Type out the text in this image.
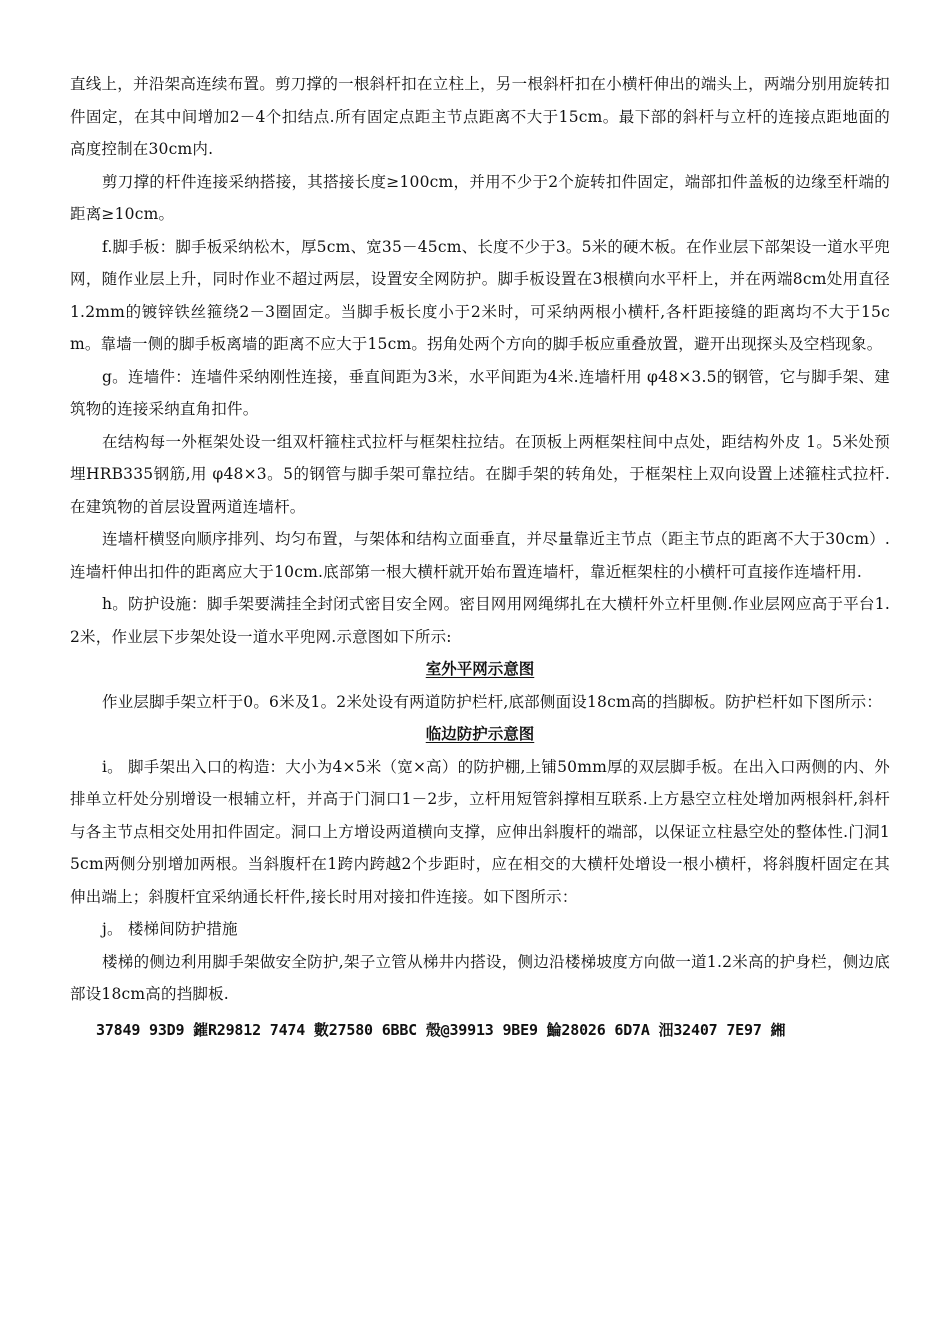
直线上，并沿架高连续布置。剪刀撑的一根斜杆扣在立柱上，另一根斜杆扣在小横杆伸出的端头上，两端分别用旋转扣件固定，在其中间增加2－4个扣结点.所有固定点距主节点距离不大于15cm。最下部的斜杆与立杆的连接点距地面的高度控制在30cm内.

剪刀撑的杆件连接采纳搭接，其搭接长度≥100cm，并用不少于2个旋转扣件固定，端部扣件盖板的边缘至杆端的距离≥10cm。

f.脚手板：脚手板采纳松木，厚5cm、宽35－45cm、长度不少于3。5米的硬木板。在作业层下部架设一道水平兜网，随作业层上升，同时作业不超过两层，设置安全网防护。脚手板设置在3根横向水平杆上，并在两端8cm处用直径1.2mm的镀锌铁丝箍绕2－3圈固定。当脚手板长度小于2米时，可采纳两根小横杆,各杆距接缝的距离均不大于15cm。靠墙一侧的脚手板离墙的距离不应大于15cm。拐角处两个方向的脚手板应重叠放置，避开出现探头及空档现象。

g。连墙件：连墙件采纳刚性连接，垂直间距为3米，水平间距为4米.连墙杆用 φ48×3.5的钢管，它与脚手架、建筑物的连接采纳直角扣件。

在结构每一外框架处设一组双杆箍柱式拉杆与框架柱拉结。在顶板上两框架柱间中点处，距结构外皮 1。5米处预埋HRB335钢筋,用 φ48×3。5的钢管与脚手架可靠拉结。在脚手架的转角处，于框架柱上双向设置上述箍柱式拉杆.在建筑物的首层设置两道连墙杆。

连墙杆横竖向顺序排列、均匀布置，与架体和结构立面垂直，并尽量靠近主节点（距主节点的距离不大于30cm）.连墙杆伸出扣件的距离应大于10cm.底部第一根大横杆就开始布置连墙杆，靠近框架柱的小横杆可直接作连墙杆用.

h。防护设施：脚手架要满挂全封闭式密目安全网。密目网用网绳绑扎在大横杆外立杆里侧.作业层网应高于平台1.2米，作业层下步架处设一道水平兜网.示意图如下所示:

室外平网示意图

作业层脚手架立杆于0。6米及1。2米处设有两道防护栏杆,底部侧面设18cm高的挡脚板。防护栏杆如下图所示：

临边防护示意图

i。 脚手架出入口的构造：大小为4×5米（宽×高）的防护棚,上铺50mm厚的双层脚手板。在出入口两侧的内、外排单立杆处分别增设一根辅立杆，并高于门洞口1－2步，立杆用短管斜撑相互联系.上方悬空立柱处增加两根斜杆,斜杆与各主节点相交处用扣件固定。洞口上方增设两道横向支撑，应伸出斜腹杆的端部，以保证立柱悬空处的整体性.门洞15cm两侧分别增加两根。当斜腹杆在1跨内跨越2个步距时，应在相交的大横杆处增设一根小横杆，将斜腹杆固定在其伸出端上；斜腹杆宜采纳通长杆件,接长时用对接扣件连接。如下图所示：

j。 楼梯间防护措施

楼梯的侧边利用脚手架做安全防护,架子立管从梯井内搭设，侧边沿楼梯坡度方向做一道1.2米高的护身栏，侧边底部设18cm高的挡脚板.

37849 93D9 鏙R29812 7474 數27580 6BBC 殼@39913 9BE9 鯩28026 6D7A 沺32407 7E97 緗
